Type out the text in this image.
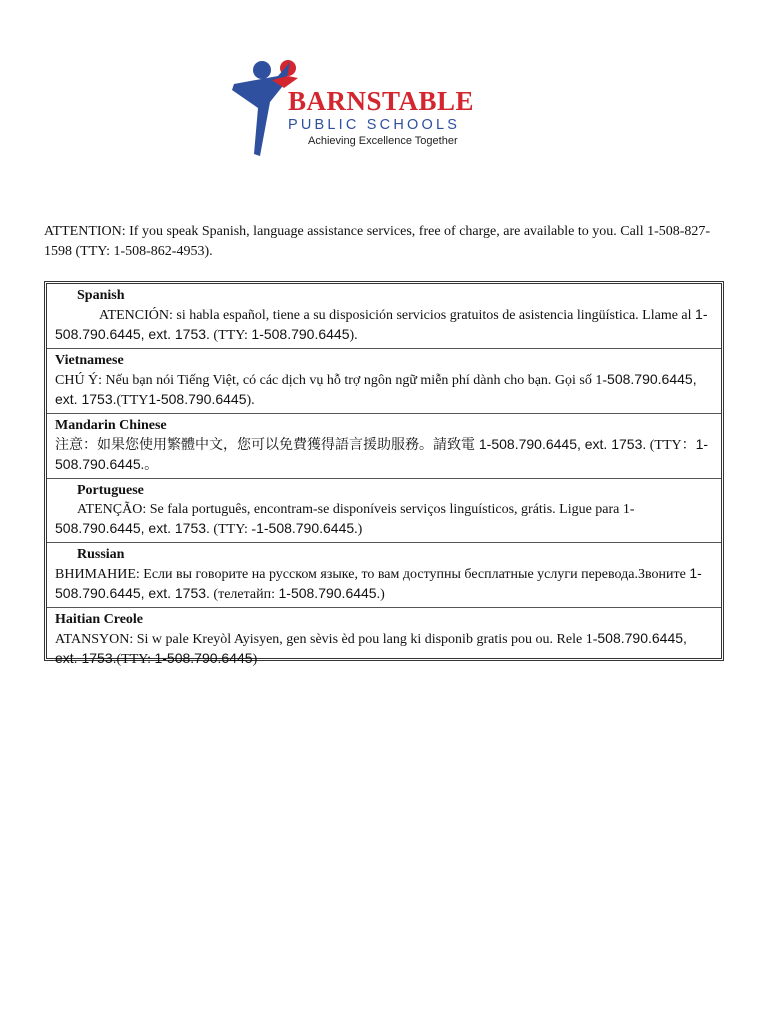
BARNSTABLE
PUBLIC SCHOOLS
Achieving Excellence Together
ATTENTION: If you speak Spanish, language assistance services, free of charge, are available to you. Call 1-508-827-1598 (TTY: 1-508-862-4953).
Spanish
ATENCIÓN: si habla español, tiene a su disposición servicios gratuitos de asistencia lingüística. Llame al 1-508.790.6445, ext. 1753. (TTY: 1-508.790.6445).
Vietnamese
CHÚ Ý: Nếu bạn nói Tiếng Việt, có các dịch vụ hỗ trợ ngôn ngữ miễn phí dành cho bạn. Gọi số 1-508.790.6445, ext. 1753.(TTY1-508.790.6445).
Mandarin Chinese
注意：如果您使用繁體中文，您可以免費獲得語言援助服務。請致電 1-508.790.6445, ext. 1753. (TTY：1-508.790.6445.。
Portuguese
ATENÇÃO: Se fala português, encontram-se disponíveis serviços linguísticos, grátis. Ligue para 1-508.790.6445, ext. 1753. (TTY: -1-508.790.6445.)
Russian
ВНИМАНИЕ: Если вы говорите на русском языке, то вам доступны бесплатные услуги перевода.Звоните 1-508.790.6445, ext. 1753. (телетайп: 1-508.790.6445.)
Haitian Creole
ATANSYON: Si w pale Kreyòl Ayisyen, gen sèvis èd pou lang ki disponib gratis pou ou. Rele 1-508.790.6445, ext. 1753.(TTY: 1-508.790.6445)
